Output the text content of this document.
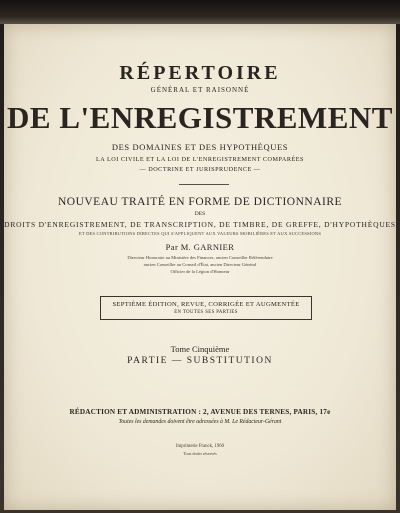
RÉPERTOIRE
GÉNÉRAL ET RAISONNÉ
DE L'ENREGISTREMENT
DES DOMAINES ET DES HYPOTHÈQUES
LA LOI CIVILE ET LA LOI DE L'ENREGISTREMENT COMPARÉES
— DOCTRINE ET JURISPRUDENCE —
NOUVEAU TRAITÉ EN FORME DE DICTIONNAIRE
DES
DROITS D'ENREGISTREMENT, DE TRANSCRIPTION, DE TIMBRE, DE GREFFE, D'HYPOTHÈQUES
ET DES CONTRIBUTIONS DIRECTES QUI S'APPLIQUENT AUX VALEURS MOBILIÈRES ET AUX SUCCESSIONS
Par M. GARNIER
Directeur Honoraire au Ministère des Finances, ancien Conseiller Référendaire
ancien Conseiller au Conseil d'État, ancien Directeur Général
Officier de la Légion d'Honneur
SEPTIÈME ÉDITION, REVUE, CORRIGÉE ET AUGMENTÉE
EN TOUTES SES PARTIES
Tome Cinquième
PARTIE — SUBSTITUTION
RÉDACTION ET ADMINISTRATION : 2, AVENUE DES TERNES, PARIS, 17e
Toutes les demandes doivent être adressées à M. Le Rédacteur-Gérant
Imprimerie Franck, 1960
Tous droits réservés
